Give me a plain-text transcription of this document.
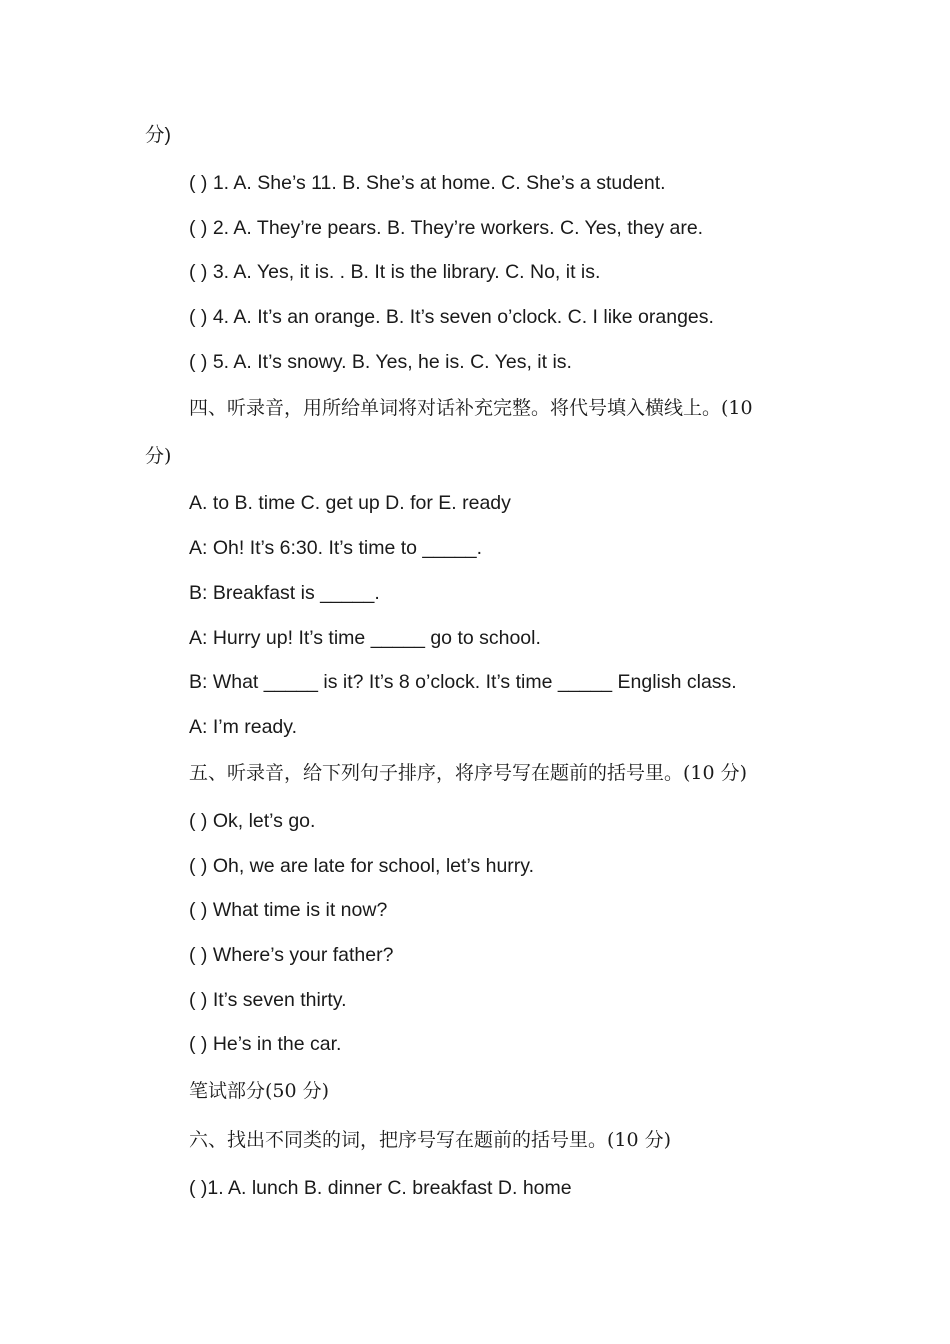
分)
( ) 1. A. She’s 11. B. She’s at home. C. She’s a student.
( ) 2. A. They’re pears. B. They’re workers. C. Yes, they are.
( ) 3. A. Yes, it is. . B. It is the library. C. No, it is.
( ) 4. A. It’s an orange. B. It’s seven o’clock. C. I like oranges.
( ) 5. A. It’s snowy. B. Yes, he is. C. Yes, it is.
四、听录音，用所给单词将对话补充完整。将代号填入横线上。(10
分)
A. to B. time C. get up D. for E. ready
A: Oh! It’s 6:30. It’s time to _____.
B: Breakfast is _____.
A: Hurry up! It’s time _____ go to school.
B: What _____ is it? It’s 8 o’clock. It’s time _____ English class.
A: I’m ready.
五、听录音，给下列句子排序，将序号写在题前的括号里。(10 分)
( ) Ok, let’s go.
( ) Oh, we are late for school, let’s hurry.
( ) What time is it now?
( ) Where’s your father?
( ) It’s seven thirty.
( ) He’s in the car.
笔试部分(50 分)
六、找出不同类的词，把序号写在题前的括号里。(10 分)
( )1. A. lunch B. dinner C. breakfast D. home
